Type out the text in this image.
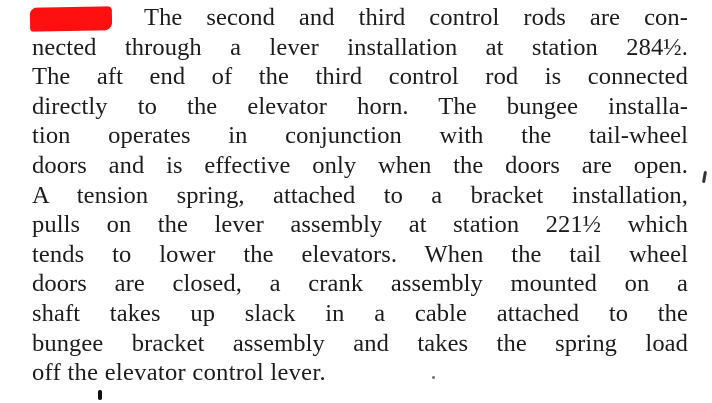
The second and third control rods are con-
nected through a lever installation at station 284½.
The aft end of the third control rod is connected
directly to the elevator horn. The bungee installa-
tion operates in conjunction with the tail-wheel
doors and is effective only when the doors are open.
A tension spring, attached to a bracket installation,
pulls on the lever assembly at station 221½ which
tends to lower the elevators. When the tail wheel
doors are closed, a crank assembly mounted on a
shaft takes up slack in a cable attached to the
bungee bracket assembly and takes the spring load
off the elevator control lever.
